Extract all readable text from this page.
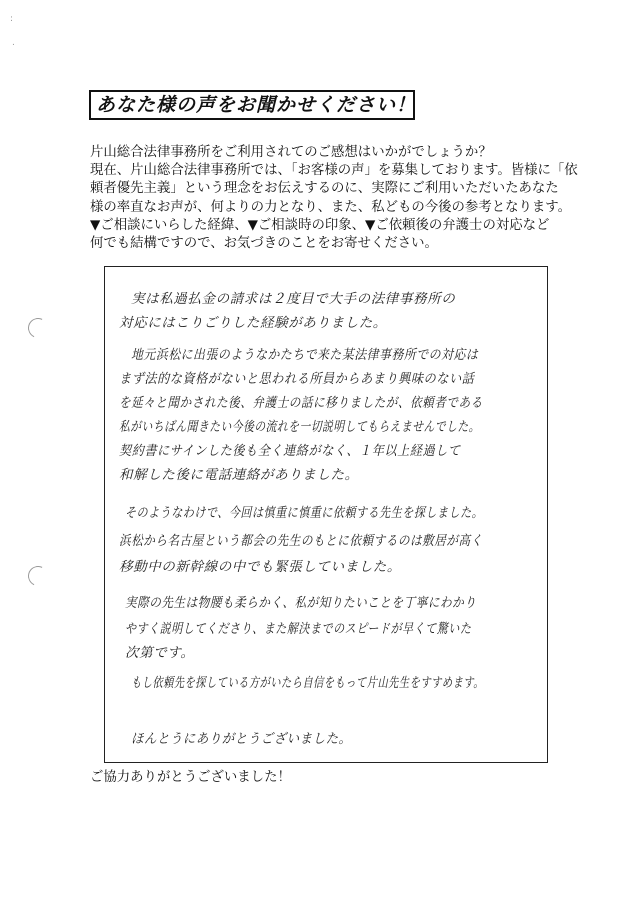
:
.
あなた様の声をお聞かせください！
片山総合法律事務所をご利用されてのご感想はいかがでしょうか？
現在、片山総合法律事務所では、「お客様の声」を募集しております。皆様に「依
頼者優先主義」という理念をお伝えするのに、実際にご利用いただいたあなた
様の率直なお声が、何よりの力となり、また、私どもの今後の参考となります。
▼ご相談にいらした経緯、▼ご相談時の印象、▼ご依頼後の弁護士の対応など
何でも結構ですので、お気づきのことをお寄せください。
実は私過払金の請求は２度目で大手の法律事務所の
対応にはこりごりした経験がありました。
地元浜松に出張のようなかたちで来た某法律事務所での対応は
まず法的な資格がないと思われる所員からあまり興味のない話
を延々と聞かされた後、弁護士の話に移りましたが、依頼者である
私がいちばん聞きたい今後の流れを一切説明してもらえませんでした。
契約書にサインした後も全く連絡がなく、１年以上経過して
和解した後に電話連絡がありました。
そのようなわけで、今回は慎重に慎重に依頼する先生を探しました。
浜松から名古屋という都会の先生のもとに依頼するのは敷居が高く
移動中の新幹線の中でも緊張していました。
実際の先生は物腰も柔らかく、私が知りたいことを丁寧にわかり
やすく説明してくださり、また解決までのスピードが早くて驚いた
次第です。
もし依頼先を探している方がいたら自信をもって片山先生をすすめます。
ほんとうにありがとうございました。
ご協力ありがとうございました！
